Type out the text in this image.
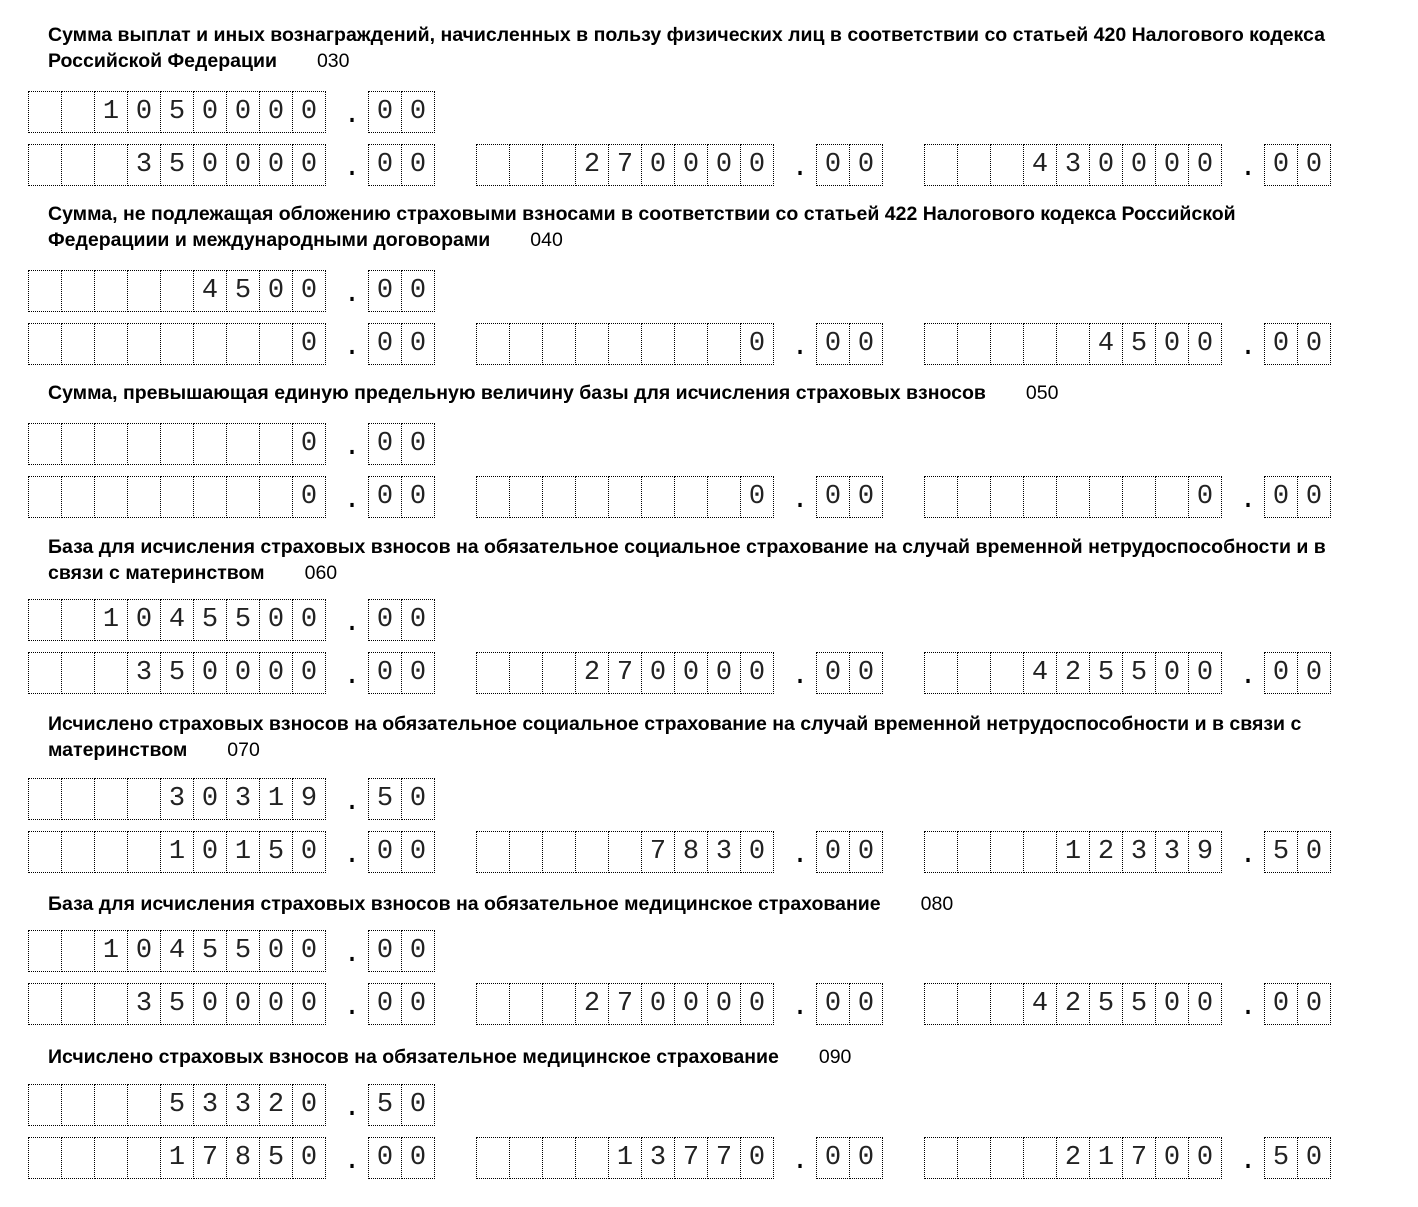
Сумма выплат и иных вознаграждений, начисленных в пользу физических лиц в соответствии со статьей 420 Налогового кодекса Российской Федерации 030
1 0 5 0 0 0 0 . 0 0
3 5 0 0 0 0 . 0 0	2 7 0 0 0 0 . 0 0	4 3 0 0 0 0 . 0 0
Сумма, не подлежащая обложению страховыми взносами в соответствии со статьей 422 Налогового кодекса Российской Федерациии и международными договорами 040
4 5 0 0 . 0 0
0 . 0 0	0 . 0 0	4 5 0 0 . 0 0
Сумма, превышающая единую предельную величину базы для исчисления страховых взносов 050
0 . 0 0
0 . 0 0	0 . 0 0	0 . 0 0
База для исчисления страховых взносов на обязательное социальное страхование на случай временной нетрудоспособности и в связи с материнством 060
1 0 4 5 5 0 0 . 0 0
3 5 0 0 0 0 . 0 0	2 7 0 0 0 0 . 0 0	4 2 5 5 0 0 . 0 0
Исчислено страховых взносов на обязательное социальное страхование на случай временной нетрудоспособности и в связи с материнством 070
3 0 3 1 9 . 5 0
1 0 1 5 0 . 0 0	7 8 3 0 . 0 0	1 2 3 3 9 . 5 0
База для исчисления страховых взносов на обязательное медицинское страхование 080
1 0 4 5 5 0 0 . 0 0
3 5 0 0 0 0 . 0 0	2 7 0 0 0 0 . 0 0	4 2 5 5 0 0 . 0 0
Исчислено страховых взносов на обязательное медицинское страхование 090
5 3 3 2 0 . 5 0
1 7 8 5 0 . 0 0	1 3 7 7 0 . 0 0	2 1 7 0 0 . 5 0
